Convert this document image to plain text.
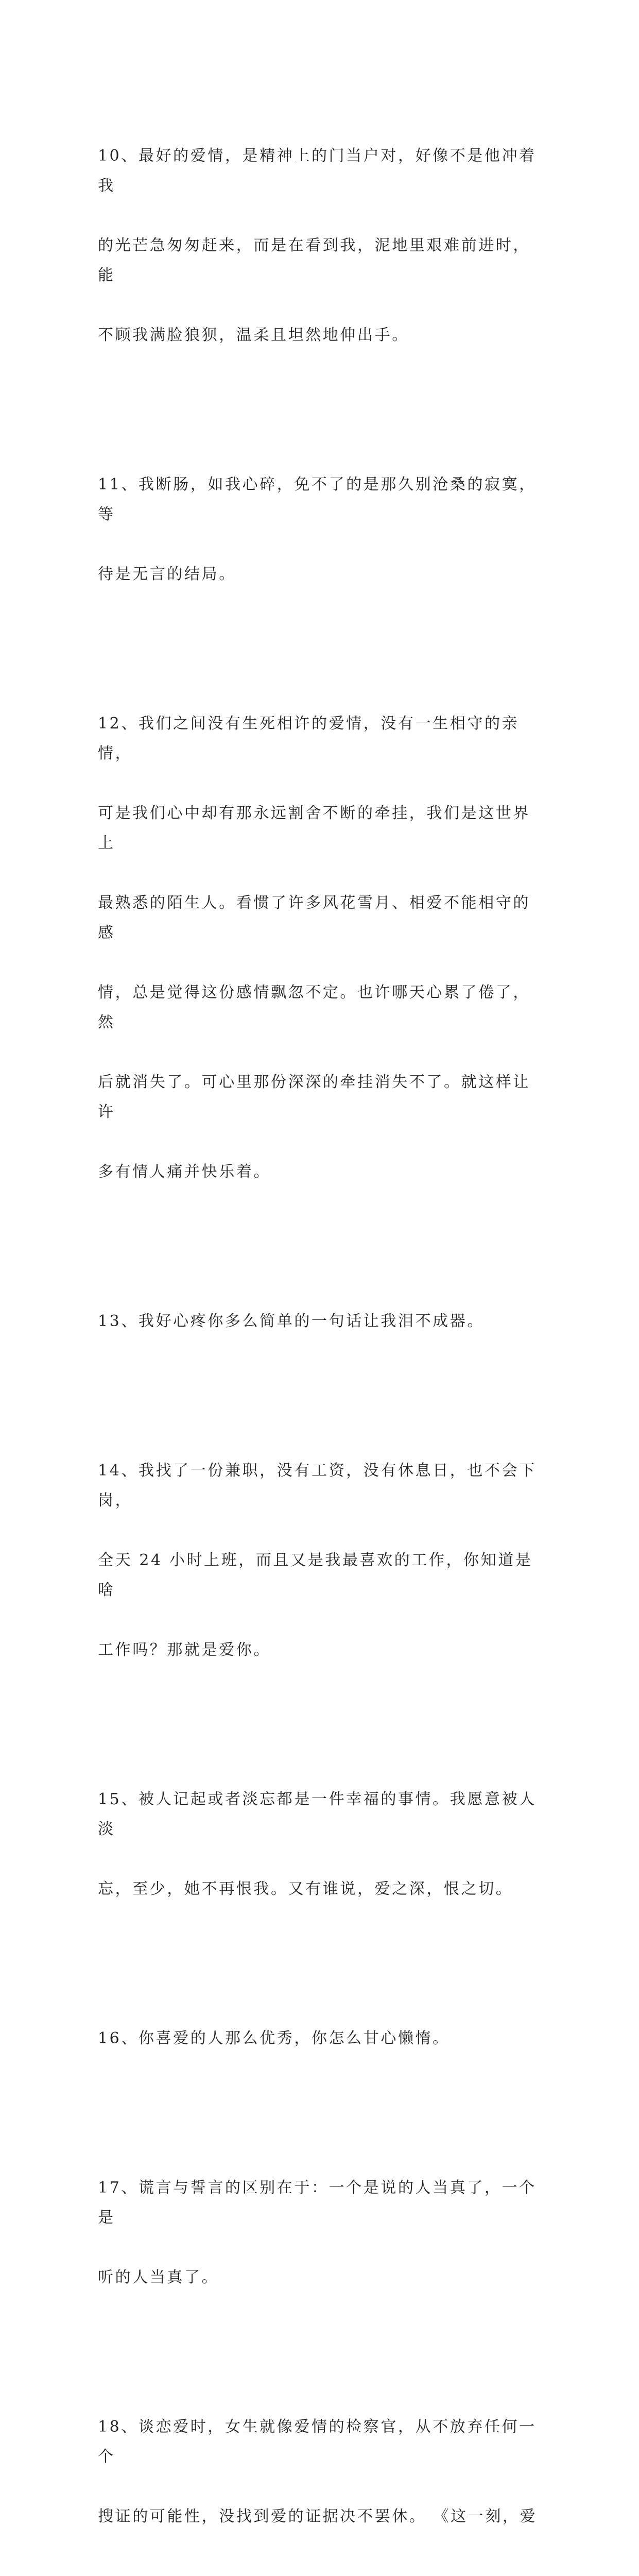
10、最好的爱情，是精神上的门当户对，好像不是他冲着我

的光芒急匆匆赶来，而是在看到我，泥地里艰难前进时，能

不顾我满脸狼狈，温柔且坦然地伸出手。

11、我断肠，如我心碎，免不了的是那久别沧桑的寂寞，等

待是无言的结局。

12、我们之间没有生死相许的爱情，没有一生相守的亲情，

可是我们心中却有那永远割舍不断的牵挂，我们是这世界上

最熟悉的陌生人。看惯了许多风花雪月、相爱不能相守的感

情，总是觉得这份感情飘忽不定。也许哪天心累了倦了，然

后就消失了。可心里那份深深的牵挂消失不了。就这样让许

多有情人痛并快乐着。

13、我好心疼你多么简单的一句话让我泪不成器。

14、我找了一份兼职，没有工资，没有休息日，也不会下岗，

全天 24 小时上班，而且又是我最喜欢的工作，你知道是啥

工作吗？那就是爱你。

15、被人记起或者淡忘都是一件幸福的事情。我愿意被人淡

忘，至少，她不再恨我。又有谁说，爱之深，恨之切。

16、你喜爱的人那么优秀，你怎么甘心懒惰。

17、谎言与誓言的区别在于：一个是说的人当真了，一个是

听的人当真了。

18、谈恋爱时，女生就像爱情的检察官，从不放弃任何一个

搜证的可能性，没找到爱的证据决不罢休。 《这一刻，爱
